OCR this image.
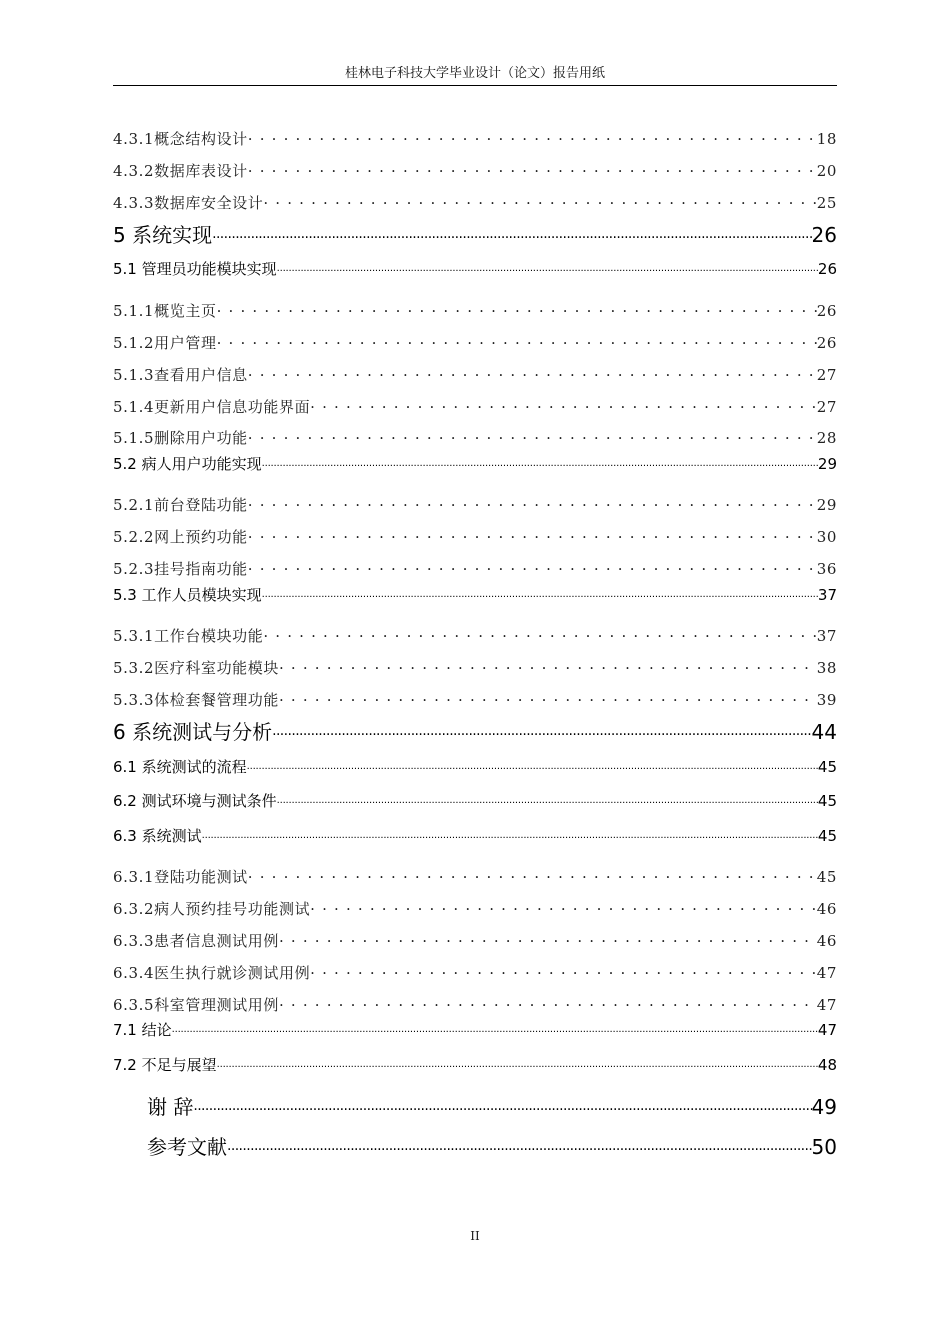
桂林电子科技大学毕业设计（论文）报告用纸
4.3.1概念结构设计 . . .	18
4.3.2数据库表设计 . . .	20
4.3.3数据库安全设计 . . .	25
5 系统实现 .....	26
5.1 管理员功能模块实现 .....	26
5.1.1概览主页 . . .	26
5.1.2用户管理 . . .	26
5.1.3查看用户信息 . . .	27
5.1.4更新用户信息功能界面 . . .	27
5.1.5删除用户功能 . . .	28
5.2 病人用户功能实现 .....	29
5.2.1前台登陆功能 . . .	29
5.2.2网上预约功能 . . .	30
5.2.3挂号指南功能 . . .	36
5.3 工作人员模块实现 .....	37
5.3.1工作台模块功能 . . .	37
5.3.2医疗科室功能模块 . . .	38
5.3.3体检套餐管理功能 . . .	39
6 系统测试与分析 .....	44
6.1 系统测试的流程 .....	45
6.2 测试环境与测试条件 .....	45
6.3 系统测试 .....	45
6.3.1登陆功能测试 . . .	45
6.3.2病人预约挂号功能测试 . . .	46
6.3.3患者信息测试用例 . . .	46
6.3.4医生执行就诊测试用例 . . .	47
6.3.5科室管理测试用例 . . .	47
7.1 结论 .....	47
7.2 不足与展望 .....	48
谢 辞 .....	49
参考文献 .....	50
II
